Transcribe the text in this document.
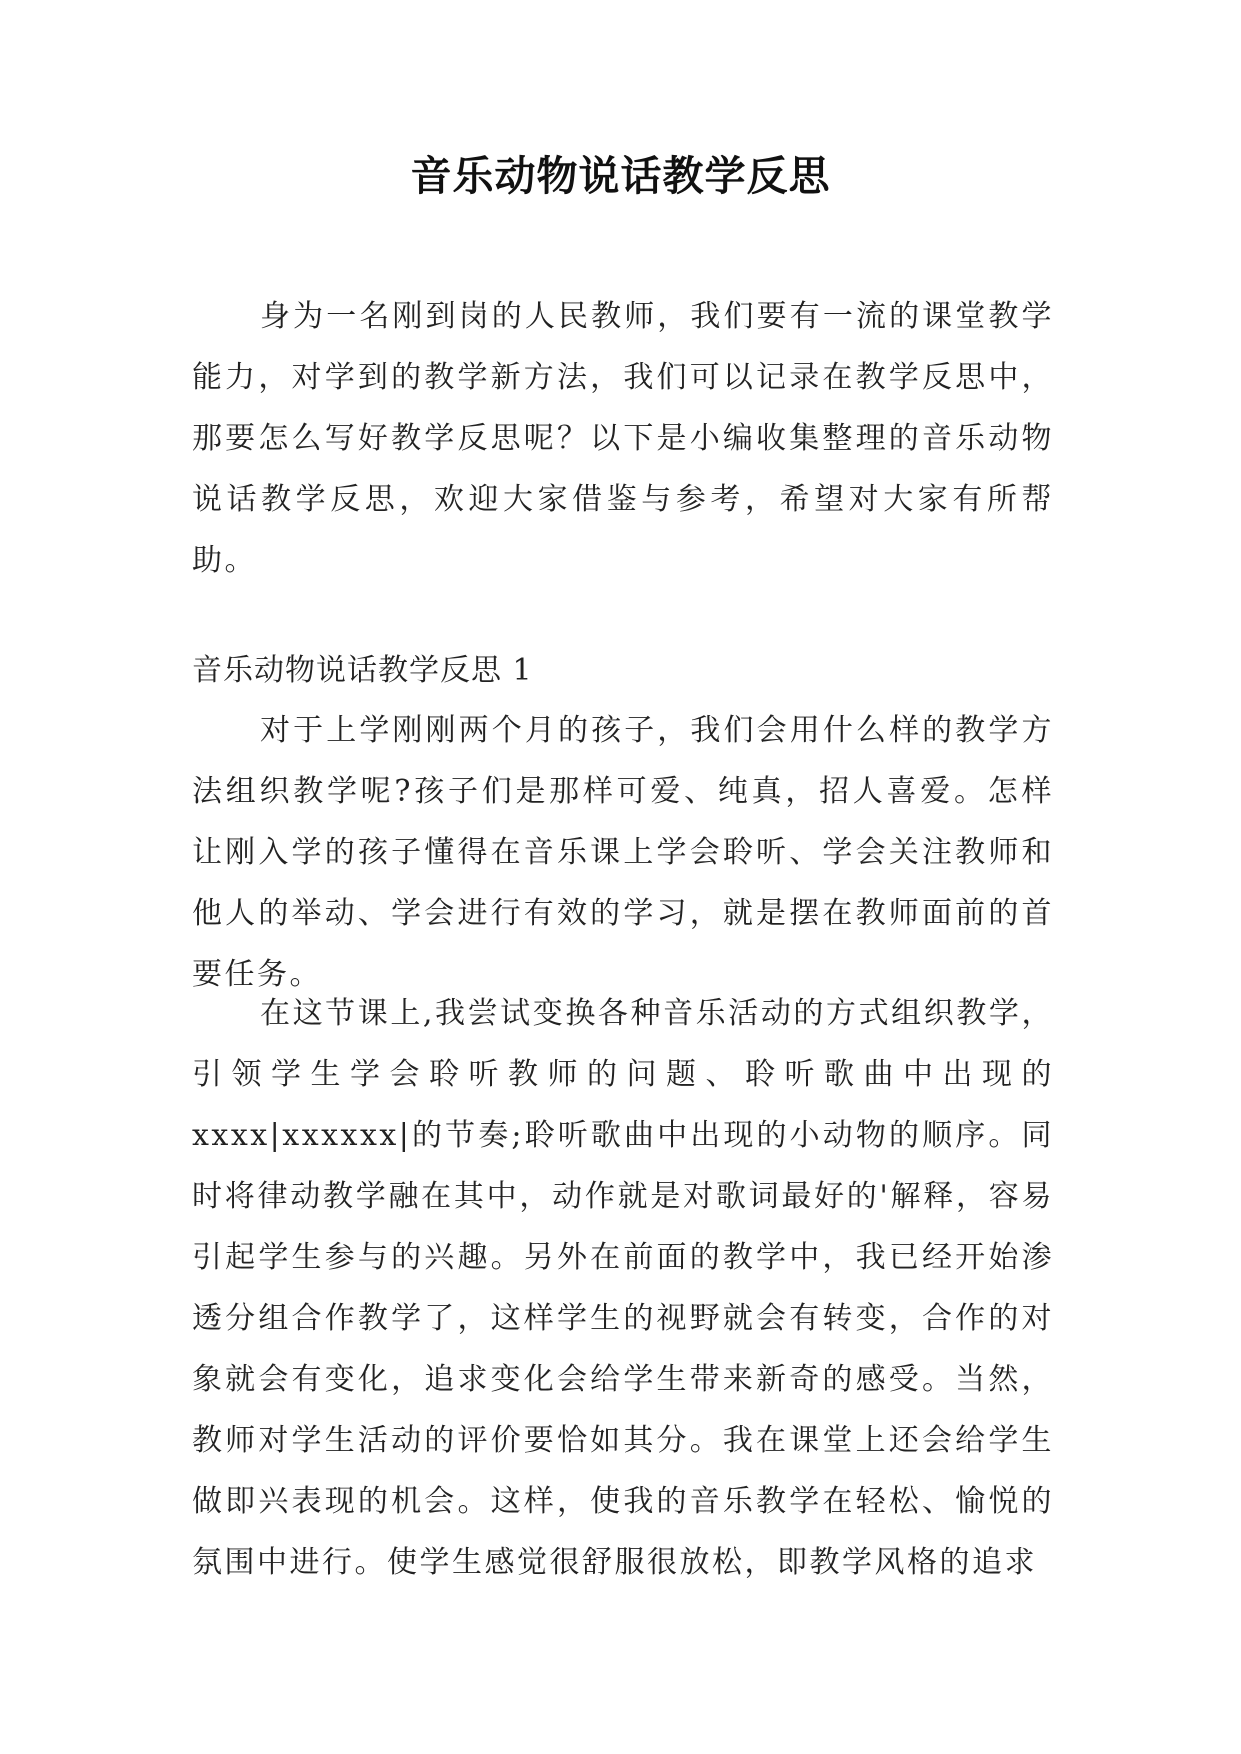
音乐动物说话教学反思

身为一名刚到岗的人民教师，我们要有一流的课堂教学能力，对学到的教学新方法，我们可以记录在教学反思中，那要怎么写好教学反思呢？以下是小编收集整理的音乐动物说话教学反思，欢迎大家借鉴与参考，希望对大家有所帮助。

音乐动物说话教学反思 1

对于上学刚刚两个月的孩子，我们会用什么样的教学方法组织教学呢?孩子们是那样可爱、纯真，招人喜爱。怎样让刚入学的孩子懂得在音乐课上学会聆听、学会关注教师和他人的举动、学会进行有效的学习，就是摆在教师面前的首要任务。

在这节课上,我尝试变换各种音乐活动的方式组织教学，引领学生学会聆听教师的问题、聆听歌曲中出现的xxxx|xxxxxx|的节奏;聆听歌曲中出现的小动物的顺序。同时将律动教学融在其中，动作就是对歌词最好的'解释，容易引起学生参与的兴趣。另外在前面的教学中，我已经开始渗透分组合作教学了，这样学生的视野就会有转变，合作的对象就会有变化，追求变化会给学生带来新奇的感受。当然，教师对学生活动的评价要恰如其分。我在课堂上还会给学生做即兴表现的机会。这样，使我的音乐教学在轻松、愉悦的氛围中进行。使学生感觉很舒服很放松，即教学风格的追求
